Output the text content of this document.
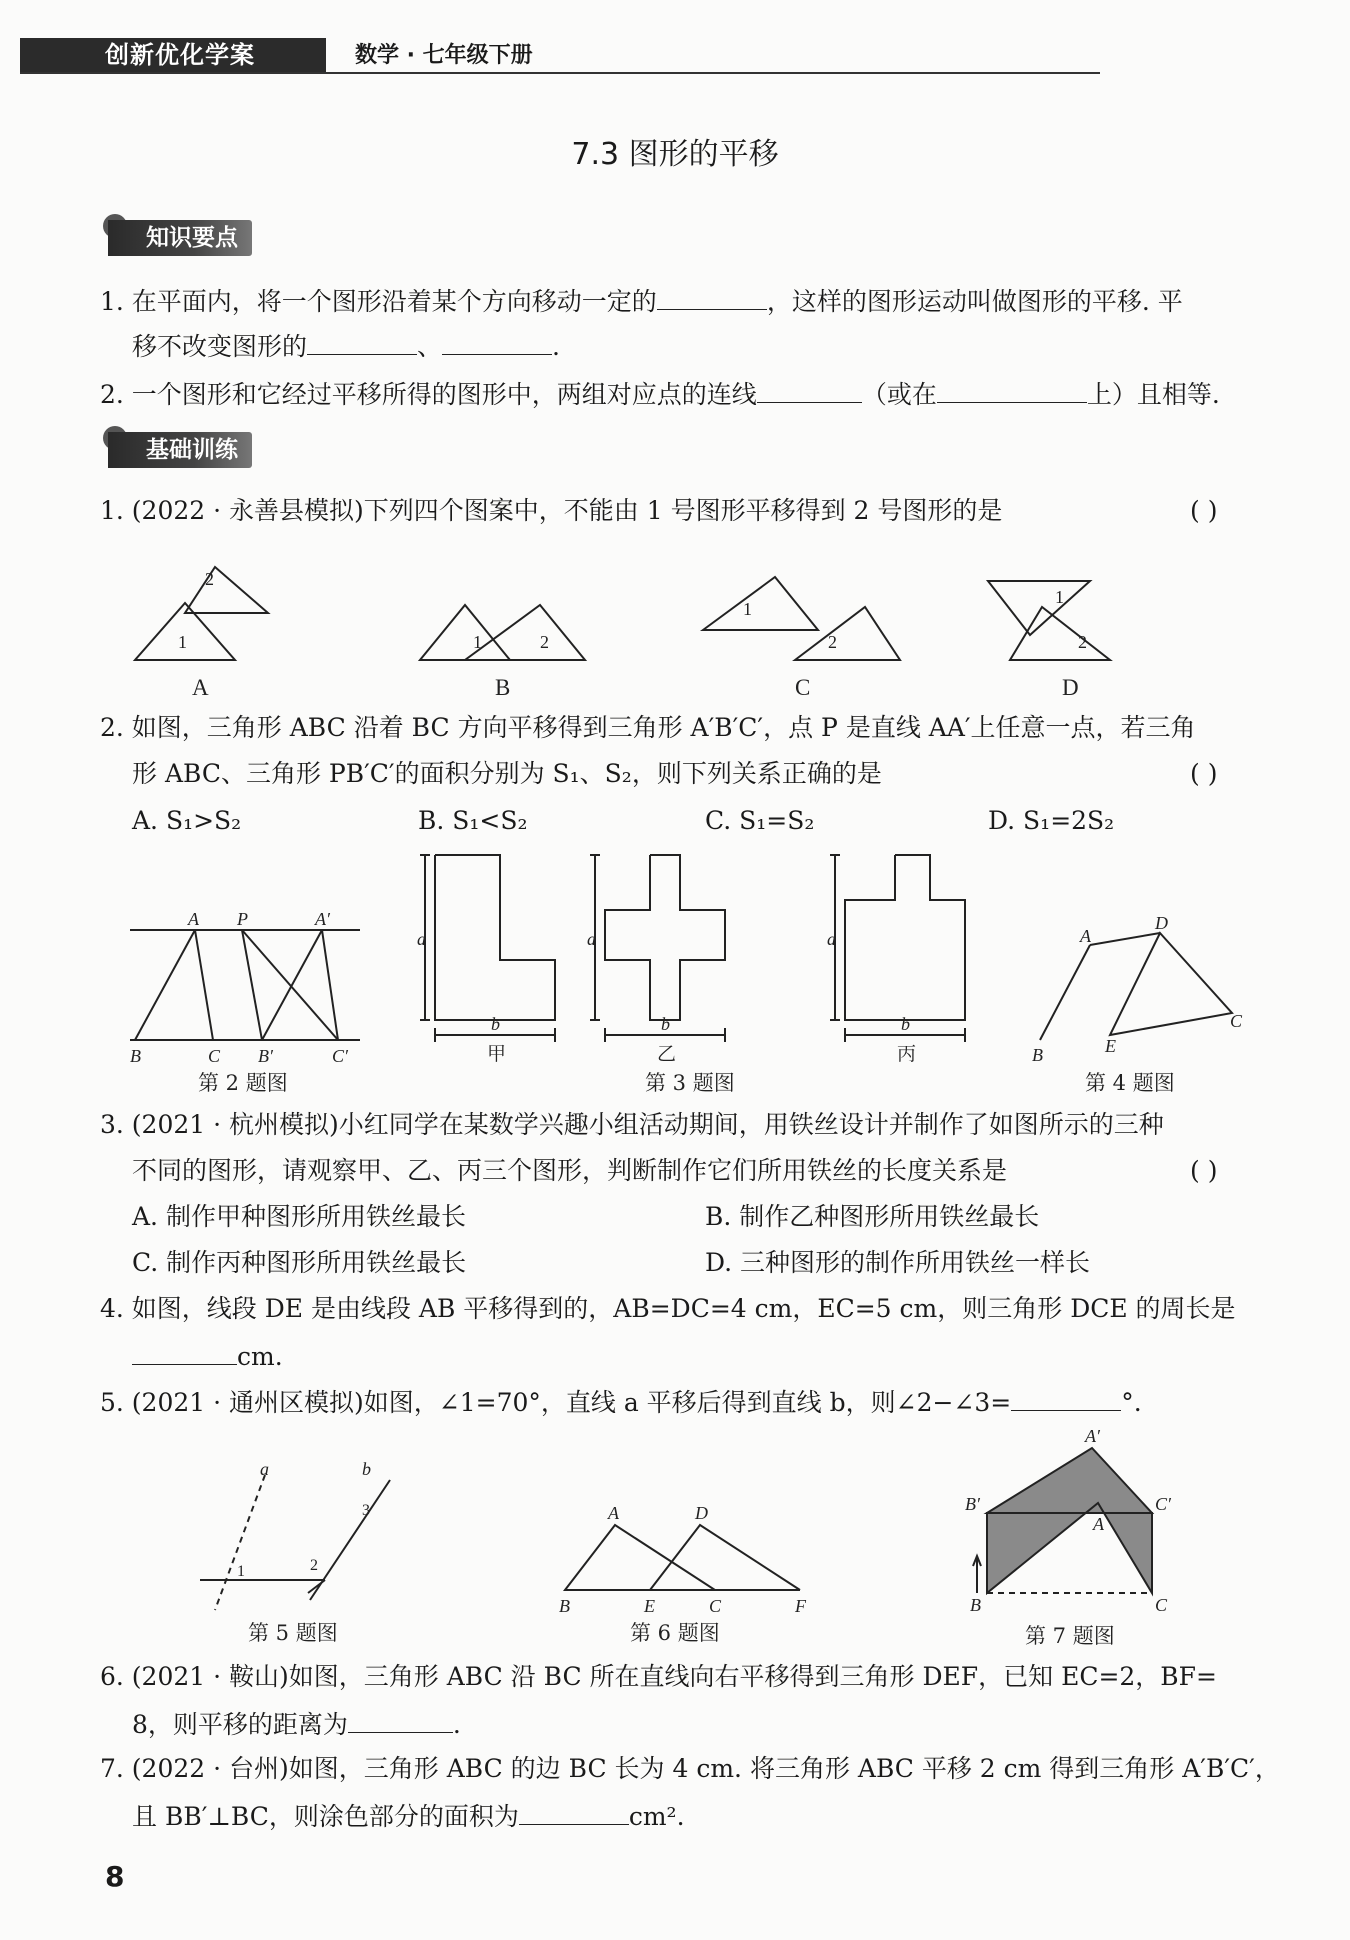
创新优化学案	数学 · 七年级下册
7.3 图形的平移
知识要点
1. 在平面内，将一个图形沿着某个方向移动一定的	，这样的图形运动叫做图形的平移. 平
移不改变图形的	、	.
2. 一个图形和它经过平移所得的图形中，两组对应点的连线	（或在	上）且相等.
基础训练
1. (2022 · 永善县模拟)下列四个图案中，不能由 1 号图形平移得到 2 号图形的是	( )
1
2
1	2
1
2
1
2
A	B	C	D
2. 如图，三角形 ABC 沿着 BC 方向平移得到三角形 A′B′C′，点 P 是直线 AA′上任意一点，若三角
形 ABC、三角形 PB′C′的面积分别为 S₁、S₂，则下列关系正确的是	( )
A. S₁>S₂	B. S₁<S₂	C. S₁=S₂	D. S₁=2S₂
A P	A′
B	C B′	C′
第 2 题图
a
b
a
b
a
b
甲	乙	丙
第 3 题图
A
D
E
B
C
第 4 题图
3. (2021 · 杭州模拟)小红同学在某数学兴趣小组活动期间，用铁丝设计并制作了如图所示的三种
不同的图形，请观察甲、乙、丙三个图形，判断制作它们所用铁丝的长度关系是	( )
A. 制作甲种图形所用铁丝最长	B. 制作乙种图形所用铁丝最长
C. 制作丙种图形所用铁丝最长	D. 三种图形的制作所用铁丝一样长
4. 如图，线段 DE 是由线段 AB 平移得到的，AB=DC=4 cm，EC=5 cm，则三角形 DCE 的周长是
cm.
5. (2021 · 通州区模拟)如图，∠1=70°，直线 a 平移后得到直线 b，则∠2−∠3=	°.
a	b
1	2
3
第 5 题图
A	D
B	E	C	F
第 6 题图
A′
B′	C′
A
B	C
第 7 题图
6. (2021 · 鞍山)如图，三角形 ABC 沿 BC 所在直线向右平移得到三角形 DEF，已知 EC=2，BF=
8，则平移的距离为	.
7. (2022 · 台州)如图，三角形 ABC 的边 BC 长为 4 cm. 将三角形 ABC 平移 2 cm 得到三角形 A′B′C′，
且 BB′⊥BC，则涂色部分的面积为	cm².
8
